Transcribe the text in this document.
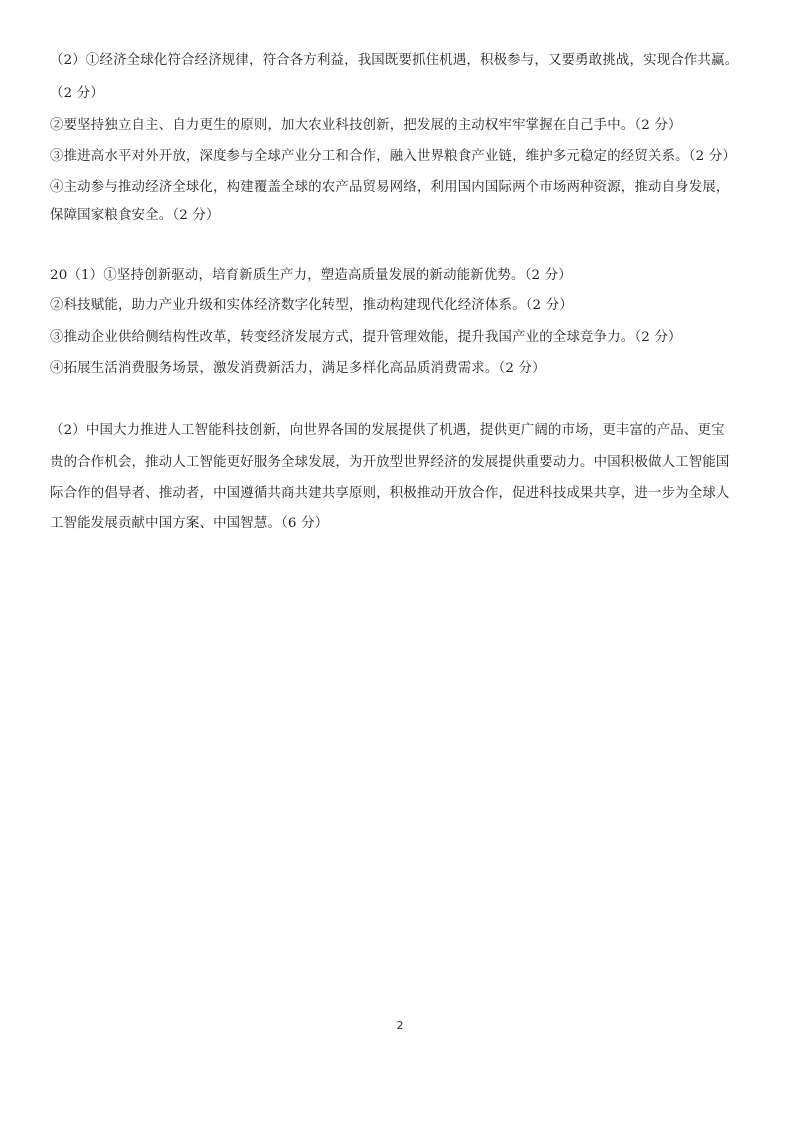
（2）①经济全球化符合经济规律，符合各方利益，我国既要抓住机遇，积极参与，又要勇敢挑战，实现合作共赢。
（2 分）
②要坚持独立自主、自力更生的原则，加大农业科技创新，把发展的主动权牢牢掌握在自己手中。（2 分）
③推进高水平对外开放，深度参与全球产业分工和合作，融入世界粮食产业链，维护多元稳定的经贸关系。（2 分）
④主动参与推动经济全球化，构建覆盖全球的农产品贸易网络，利用国内国际两个市场两种资源，推动自身发展，
保障国家粮食安全。（2 分）
20（1）①坚持创新驱动，培育新质生产力，塑造高质量发展的新动能新优势。（2 分）
②科技赋能，助力产业升级和实体经济数字化转型，推动构建现代化经济体系。（2 分）
③推动企业供给侧结构性改革，转变经济发展方式，提升管理效能，提升我国产业的全球竞争力。（2 分）
④拓展生活消费服务场景，激发消费新活力，满足多样化高品质消费需求。（2 分）
（2）中国大力推进人工智能科技创新，向世界各国的发展提供了机遇，提供更广阔的市场，更丰富的产品、更宝
贵的合作机会，推动人工智能更好服务全球发展，为开放型世界经济的发展提供重要动力。中国积极做人工智能国
际合作的倡导者、推动者，中国遵循共商共建共享原则，积极推动开放合作，促进科技成果共享，进一步为全球人
工智能发展贡献中国方案、中国智慧。（6 分）
2
